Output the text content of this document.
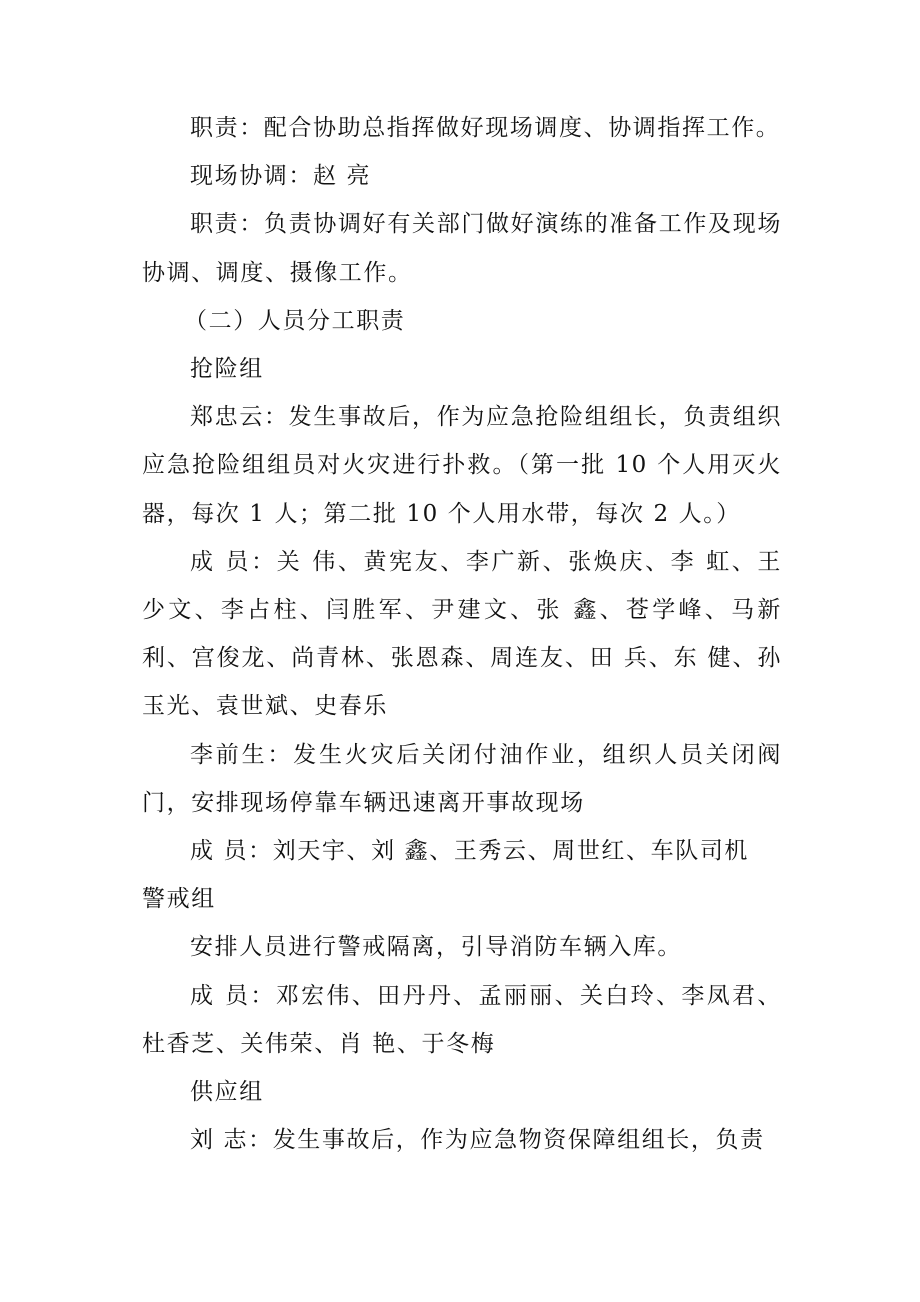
职责：配合协助总指挥做好现场调度、协调指挥工作。

现场协调：赵 亮

职责：负责协调好有关部门做好演练的准备工作及现场协调、调度、摄像工作。

（二）人员分工职责

抢险组

郑忠云：发生事故后，作为应急抢险组组长，负责组织应急抢险组组员对火灾进行扑救。（第一批 10 个人用灭火器，每次 1 人；第二批 10 个人用水带，每次 2 人。）

成 员：关 伟、黄宪友、李广新、张焕庆、李 虹、王少文、李占柱、闫胜军、尹建文、张 鑫、苍学峰、马新利、宫俊龙、尚青林、张恩森、周连友、田 兵、东 健、孙玉光、袁世斌、史春乐

李前生：发生火灾后关闭付油作业，组织人员关闭阀门，安排现场停靠车辆迅速离开事故现场

成 员：刘天宇、刘 鑫、王秀云、周世红、车队司机

警戒组

安排人员进行警戒隔离，引导消防车辆入库。

成 员：邓宏伟、田丹丹、孟丽丽、关白玲、李凤君、杜香芝、关伟荣、肖 艳、于冬梅

供应组

刘 志：发生事故后，作为应急物资保障组组长，负责
